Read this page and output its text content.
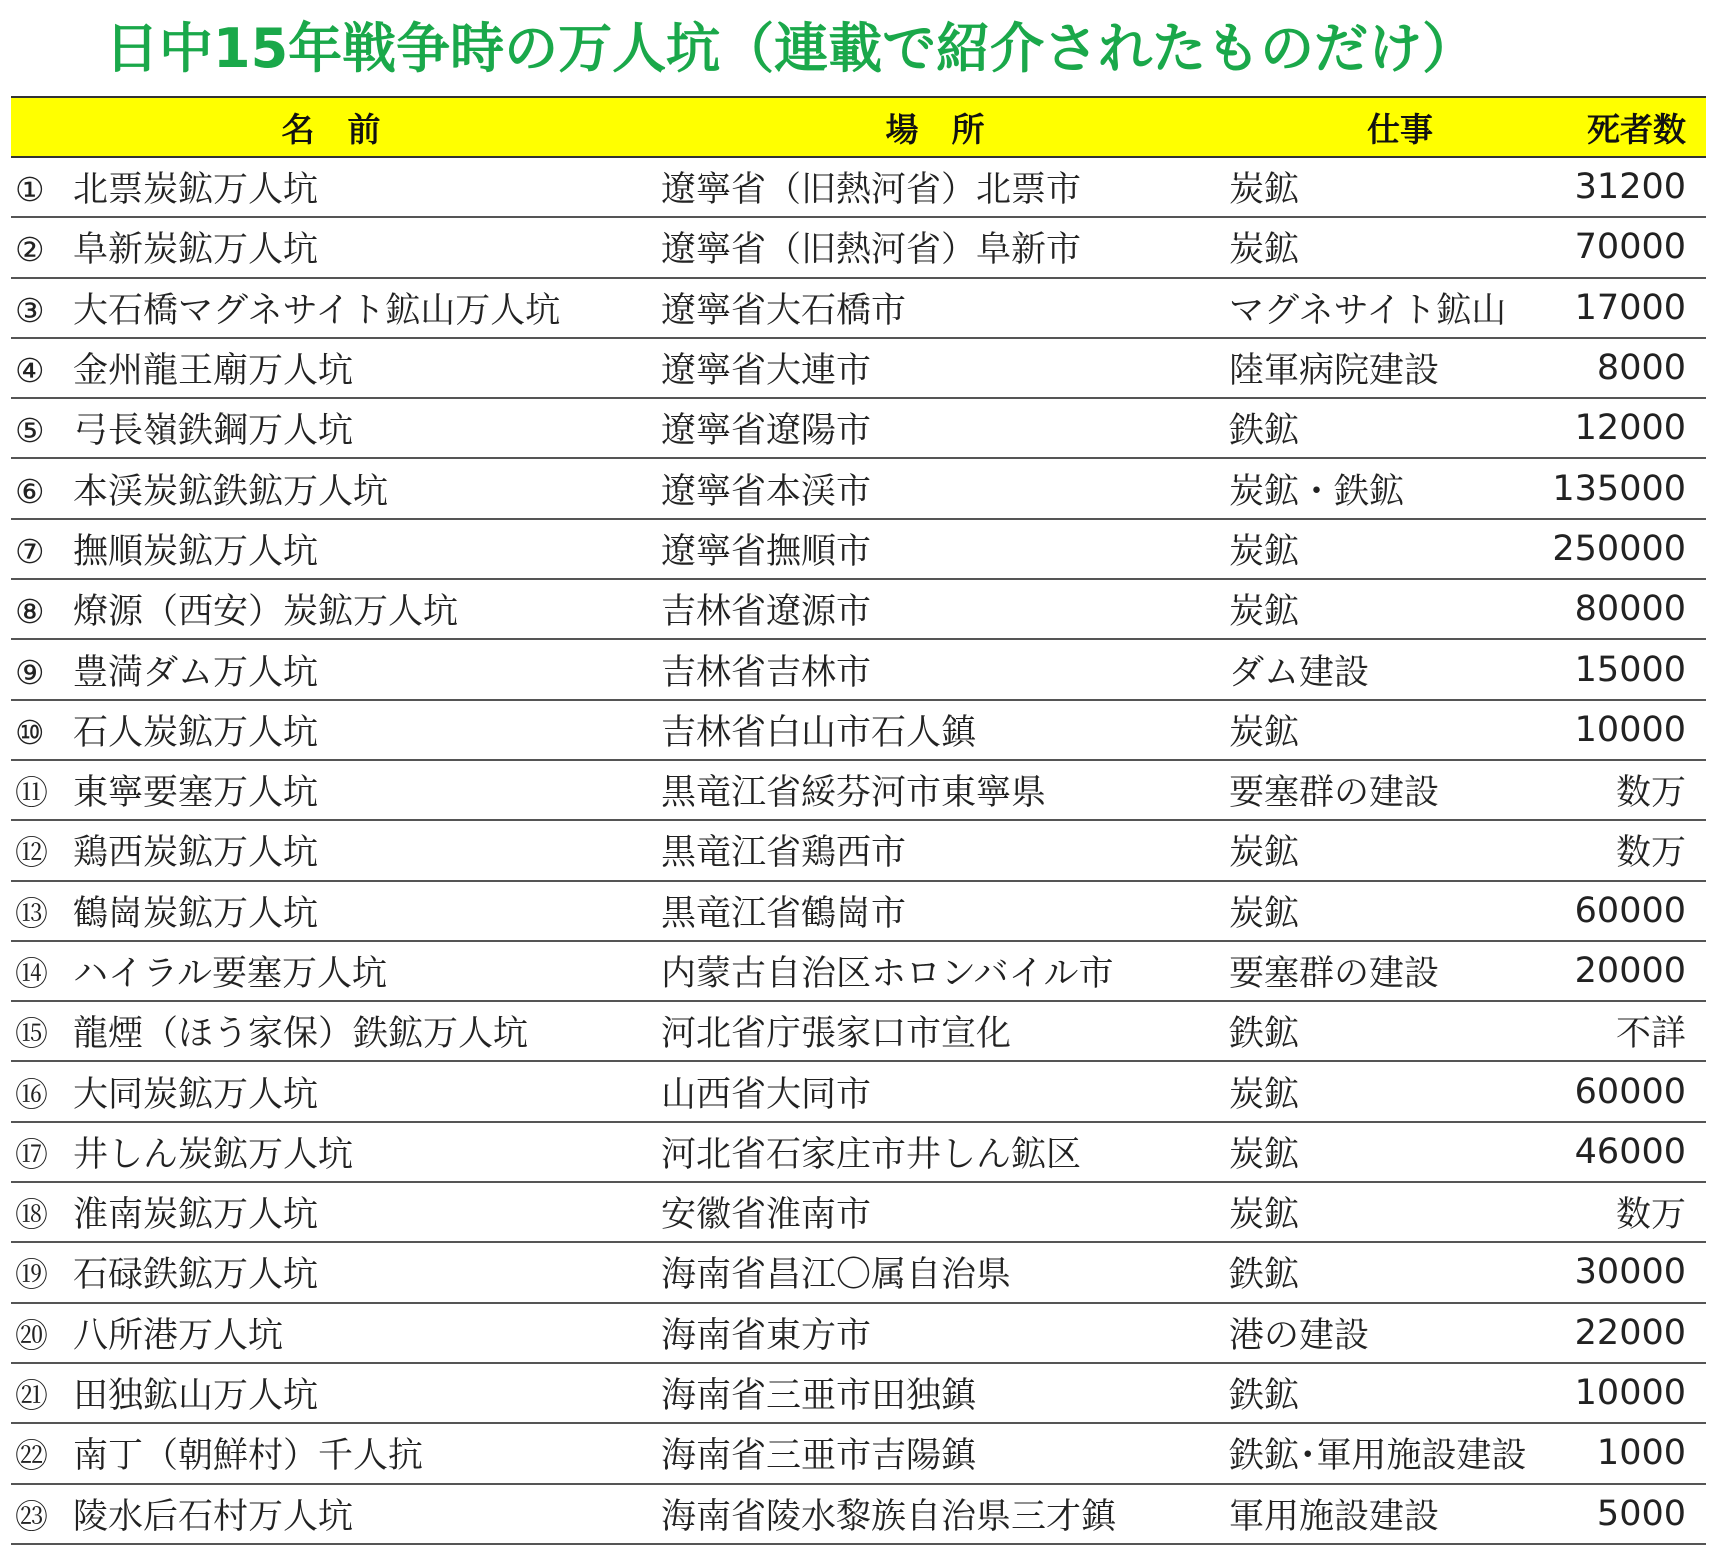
日中15年戦争時の万人坑（連載で紹介されたものだけ）
名　前	場　所	仕事	死者数
① 北票炭鉱万人坑	遼寧省（旧熱河省）北票市	炭鉱	31200
② 阜新炭鉱万人坑	遼寧省（旧熱河省）阜新市	炭鉱	70000
③ 大石橋マグネサイト鉱山万人坑	遼寧省大石橋市	マグネサイト鉱山	17000
④ 金州龍王廟万人坑	遼寧省大連市	陸軍病院建設	8000
⑤ 弓長嶺鉄鋼万人坑	遼寧省遼陽市	鉄鉱	12000
⑥ 本渓炭鉱鉄鉱万人坑	遼寧省本渓市	炭鉱・鉄鉱	135000
⑦ 撫順炭鉱万人坑	遼寧省撫順市	炭鉱	250000
⑧ 燎源（西安）炭鉱万人坑	吉林省遼源市	炭鉱	80000
⑨ 豊満ダム万人坑	吉林省吉林市	ダム建設	15000
⑩ 石人炭鉱万人坑	吉林省白山市石人鎮	炭鉱	10000
⑪ 東寧要塞万人坑	黒竜江省綏芬河市東寧県	要塞群の建設	数万
⑫ 鶏西炭鉱万人坑	黒竜江省鶏西市	炭鉱	数万
⑬ 鶴崗炭鉱万人坑	黒竜江省鶴崗市	炭鉱	60000
⑭ ハイラル要塞万人坑	内蒙古自治区ホロンバイル市	要塞群の建設	20000
⑮ 龍煙（ほう家保）鉄鉱万人坑	河北省庁張家口市宣化	鉄鉱	不詳
⑯ 大同炭鉱万人坑	山西省大同市	炭鉱	60000
⑰ 井しん炭鉱万人坑	河北省石家庄市井しん鉱区	炭鉱	46000
⑱ 淮南炭鉱万人坑	安徽省淮南市	炭鉱	数万
⑲ 石碌鉄鉱万人坑	海南省昌江〇属自治県	鉄鉱	30000
⑳ 八所港万人坑	海南省東方市	港の建設	22000
㉑ 田独鉱山万人坑	海南省三亜市田独鎮	鉄鉱	10000
㉒ 南丁（朝鮮村）千人抗	海南省三亜市吉陽鎮	鉄鉱･軍用施設建設	1000
㉓ 陵水后石村万人坑	海南省陵水黎族自治県三才鎮	軍用施設建設	5000
